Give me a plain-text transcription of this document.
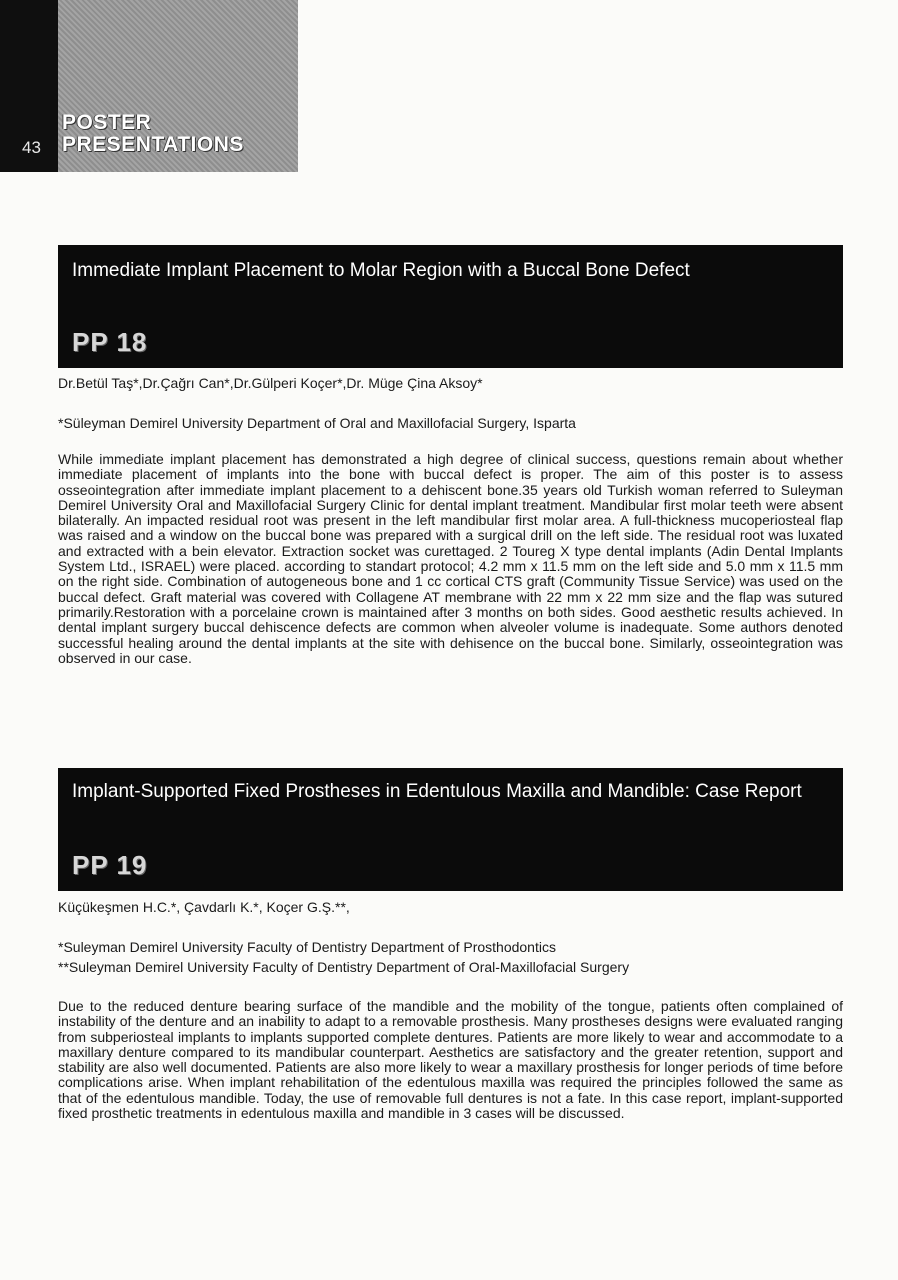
43
POSTER
PRESENTATIONS
Immediate Implant Placement to Molar Region with a Buccal Bone Defect
PP 18
Dr.Betül Taş*,Dr.Çağrı Can*,Dr.Gülperi Koçer*,Dr. Müge Çina Aksoy*
*Süleyman Demirel University Department of Oral and Maxillofacial Surgery, Isparta
While immediate implant placement has demonstrated a high degree of clinical success, questions remain about whether immediate placement of implants into the bone with buccal defect is proper. The aim of this poster is to assess osseointegration after immediate implant placement to a dehiscent bone.35 years old Turkish woman referred to Suleyman Demirel University Oral and Maxillofacial Surgery Clinic for dental implant treatment. Mandibular first molar teeth were absent bilaterally. An impacted residual root was present in the left mandibular first molar area. A full-thickness mucoperiosteal flap was raised and a window on the buccal bone was prepared with a surgical drill on the left side. The residual root was luxated and extracted with a bein elevator. Extraction socket was curettaged. 2 Toureg X type dental implants (Adin Dental Implants System Ltd., ISRAEL) were placed. according to standart protocol; 4.2 mm x 11.5 mm on the left side and 5.0 mm x 11.5 mm on the right side. Combination of autogeneous bone and 1 cc cortical CTS graft (Community Tissue Service) was used on the buccal defect. Graft material was covered with Collagene AT membrane with 22 mm x 22 mm size and the flap was sutured primarily.Restoration with a porcelaine crown is maintained after 3 months on both sides. Good aesthetic results achieved. In dental implant surgery buccal dehiscence defects are common when alveoler volume is inadequate. Some authors denoted successful healing around the dental implants at the site with dehisence on the buccal bone. Similarly, osseointegration was observed in our case.
Implant-Supported Fixed Prostheses in Edentulous Maxilla and Mandible: Case Report
PP 19
Küçükeşmen H.C.*, Çavdarlı K.*, Koçer G.Ş.**,
*Suleyman Demirel University Faculty of Dentistry Department of Prosthodontics
**Suleyman Demirel University Faculty of Dentistry Department of Oral-Maxillofacial Surgery
Due to the reduced denture bearing surface of the mandible and the mobility of the tongue, patients often complained of instability of the denture and an inability to adapt to a removable prosthesis. Many prostheses designs were evaluated ranging from subperiosteal implants to implants supported complete dentures. Patients are more likely to wear and accommodate to a maxillary denture compared to its mandibular counterpart. Aesthetics are satisfactory and the greater retention, support and stability are also well documented. Patients are also more likely to wear a maxillary prosthesis for longer periods of time before complications arise. When implant rehabilitation of the edentulous maxilla was required the principles followed the same as that of the edentulous mandible. Today, the use of removable full dentures is not a fate. In this case report, implant-supported fixed prosthetic treatments in edentulous maxilla and mandible in 3 cases will be discussed.
